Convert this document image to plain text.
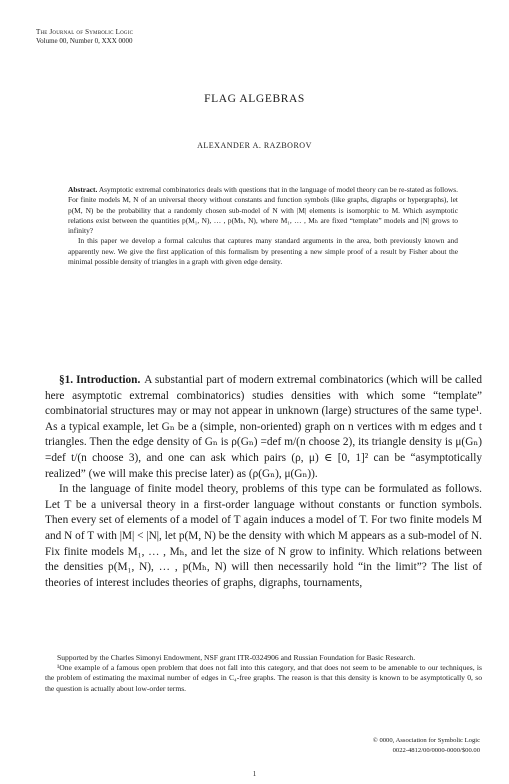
The Journal of Symbolic Logic
Volume 00, Number 0, XXX 0000
FLAG ALGEBRAS
ALEXANDER A. RAZBOROV

Abstract. Asymptotic extremal combinatorics deals with questions that in the language of model theory can be re-stated as follows. For finite models M, N of an universal theory without constants and function symbols (like graphs, digraphs or hypergraphs), let p(M, N) be the probability that a randomly chosen sub-model of N with |M| elements is isomorphic to M. Which asymptotic relations exist between the quantities p(M₁, N), … , p(Mₕ, N), where M₁, … , Mₕ are fixed “template” models and |N| grows to infinity?

In this paper we develop a formal calculus that captures many standard arguments in the area, both previously known and apparently new. We give the first application of this formalism by presenting a new simple proof of a result by Fisher about the minimal possible density of triangles in a graph with given edge density.

§1. Introduction. A substantial part of modern extremal combinatorics (which will be called here asymptotic extremal combinatorics) studies densities with which some “template” combinatorial structures may or may not appear in unknown (large) structures of the same type¹. As a typical example, let Gₙ be a (simple, non-oriented) graph on n vertices with m edges and t triangles. Then the edge density of Gₙ is ρ(Gₙ) =def m/(n choose 2), its triangle density is μ(Gₙ) =def t/(n choose 3), and one can ask which pairs (ρ, μ) ∈ [0, 1]² can be “asymptotically realized” (we will make this precise later) as (ρ(Gₙ), μ(Gₙ)).

In the language of finite model theory, problems of this type can be formulated as follows. Let T be a universal theory in a first-order language without constants or function symbols. Then every set of elements of a model of T again induces a model of T. For two finite models M and N of T with |M| < |N|, let p(M, N) be the density with which M appears as a sub-model of N. Fix finite models M₁, … , Mₕ, and let the size of N grow to infinity. Which relations between the densities p(M₁, N), … , p(Mₕ, N) will then necessarily hold “in the limit”? The list of theories of interest includes theories of graphs, digraphs, tournaments,

Supported by the Charles Simonyi Endowment, NSF grant ITR-0324906 and Russian Foundation for Basic Research.

¹One example of a famous open problem that does not fall into this category, and that does not seem to be amenable to our techniques, is the problem of estimating the maximal number of edges in C₄-free graphs. The reason is that this density is known to be asymptotically 0, so the question is actually about low-order terms.

© 0000, Association for Symbolic Logic
0022-4812/00/0000-0000/$00.00
1
